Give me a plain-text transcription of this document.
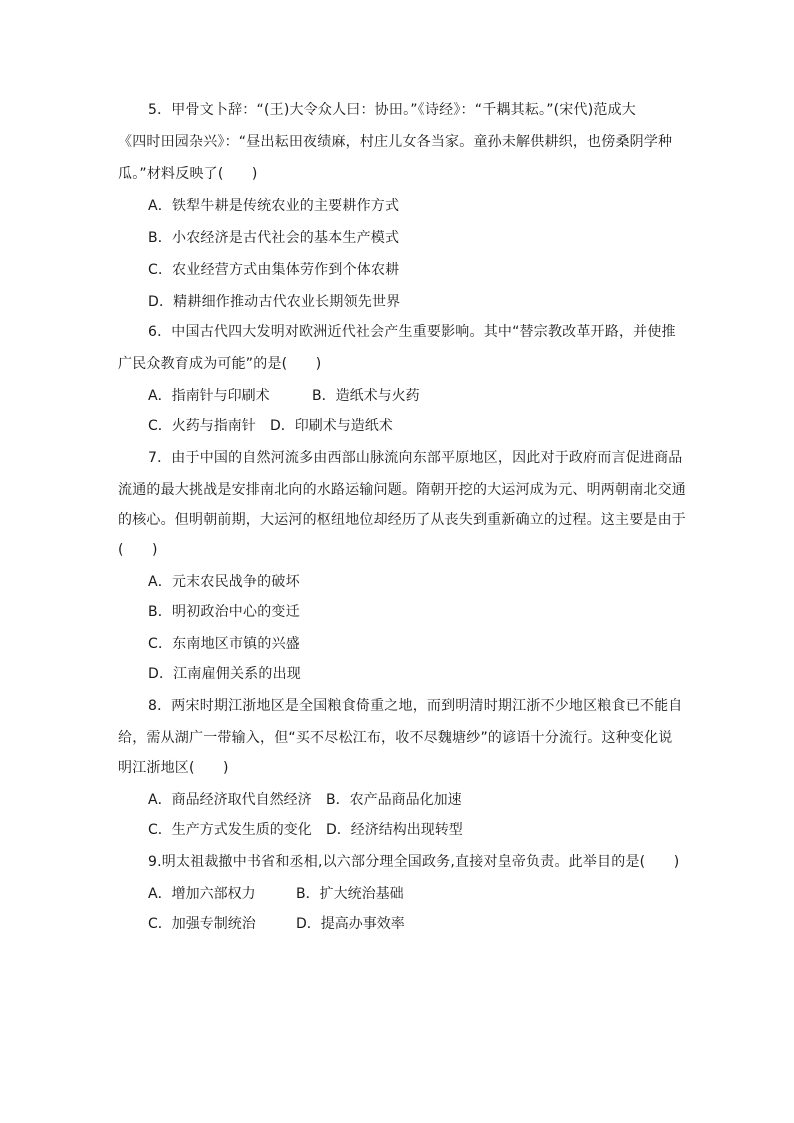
5．甲骨文卜辞：“(王)大令众人曰：协田。”《诗经》：“千耦其耘。”(宋代)范成大
《四时田园杂兴》：“昼出耘田夜绩麻，村庄儿女各当家。童孙未解供耕织，也傍桑阴学种
瓜。”材料反映了(　　)
A．铁犁牛耕是传统农业的主要耕作方式
B．小农经济是古代社会的基本生产模式
C．农业经营方式由集体劳作到个体农耕
D．精耕细作推动古代农业长期领先世界
6．中国古代四大发明对欧洲近代社会产生重要影响。其中“替宗教改革开路，并使推
广民众教育成为可能”的是(　　)
A．指南针与印刷术	B．造纸术与火药
C．火药与指南针 D．印刷术与造纸术
7．由于中国的自然河流多由西部山脉流向东部平原地区，因此对于政府而言促进商品
流通的最大挑战是安排南北向的水路运输问题。隋朝开挖的大运河成为元、明两朝南北交通
的核心。但明朝前期，大运河的枢纽地位却经历了从丧失到重新确立的过程。这主要是由于
(　　)
A．元末农民战争的破坏
B．明初政治中心的变迁
C．东南地区市镇的兴盛
D．江南雇佣关系的出现
8．两宋时期江浙地区是全国粮食倚重之地，而到明清时期江浙不少地区粮食已不能自
给，需从湖广一带输入，但“买不尽松江布，收不尽魏塘纱”的谚语十分流行。这种变化说
明江浙地区(　　)
A．商品经济取代自然经济 B．农产品商品化加速
C．生产方式发生质的变化 D．经济结构出现转型
9.明太祖裁撤中书省和丞相,以六部分理全国政务,直接对皇帝负责。此举目的是(　　)
A．增加六部权力	B．扩大统治基础
C．加强专制统治	D．提高办事效率
